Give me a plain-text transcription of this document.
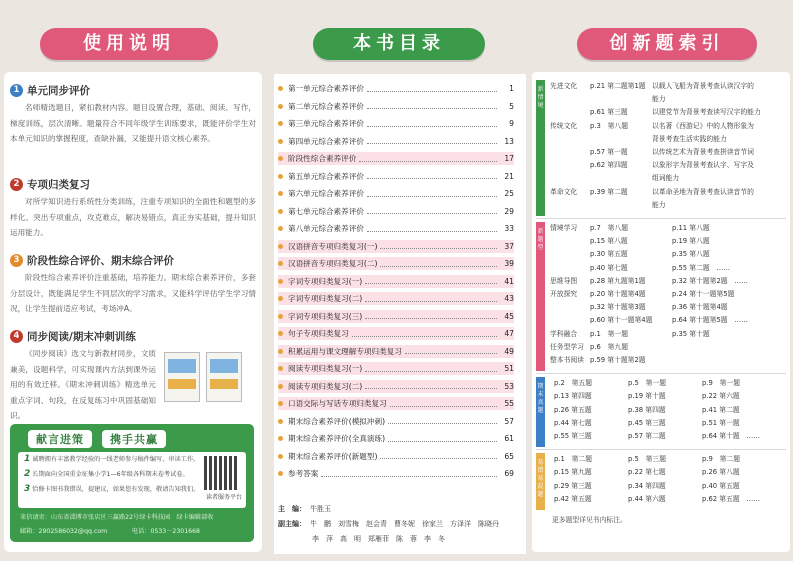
使用说明
1 单元同步评价
名师精选题目，紧扣教材内容。题目设置合理，基础、阅读、写作，梯度训练，层次清晰。题量符合不同年级学生训练要求，既能评价学生对本单元知识的掌握程度，查缺补漏，又能提升语文核心素养。
2 专项归类复习
对所学知识进行系统性分类训练，注重专项知识的全面性和题型的多样化。突出专项重点，攻克难点，解决易错点，真正夯实基础，提升知识运用能力。
3 阶段性综合评价、期末综合评价
阶段性综合素养评价注重基础，培养能力。期末综合素养评价，多套分层设计，既能满足学生不同层次的学习需求，又能科学评估学生学习情况，让学生提前适应考试，考场冲A。
4 同步阅读/期末冲刺训练
《同步阅读》选文与新教材同步，文质兼美，设题科学，可实现课内方法到课外运用的有效迁移。《期末冲刺训练》精选单元重点字词、句段，在反复练习中巩固基础知识。
献言进策	携手共赢
1 诚聘拥有丰富教学经验的一线老师参与稿件编写、审读工作。
2 长期面向全国重金征集小学1—6年级各科期末卷考试卷。
3 恰修卡图书我错误，提建议，如果您有发现，敬请告知我们。
读者服务平台
来信请寄：山东省淄博市张店区三赢路22号绿卡科技园　绿卡编辑部收
邮箱：2902586032@qq.com　　　　	电话：0533－2301668
本书目录
第一单元综合素养评价	1
第二单元综合素养评价	5
第三单元综合素养评价	9
第四单元综合素养评价	13
阶段性综合素养评价	17
第五单元综合素养评价	21
第六单元综合素养评价	25
第七单元综合素养评价	29
第八单元综合素养评价	33
汉语拼音专项归类复习(一)	37
汉语拼音专项归类复习(二)	39
字词专项归类复习(一)	41
字词专项归类复习(二)	43
字词专项归类复习(三)	45
句子专项归类复习	47
积累运用与课文理解专项归类复习	49
阅读专项归类复习(一)	51
阅读专项归类复习(二)	53
口语交际与写话专项归类复习	55
期末综合素养评价(模拟冲刺)	57
期末综合素养评价(全真演练)	61
期末综合素养评价(新题型)	65
参考答案	69
主　编： 牛胜玉
副主编： 牛　鹏　刘雪梅　赵会青　曹冬妮　徐家兰　方泽洋　陈晓丹
李　萍　高　明　郑雁菲　陈　蓉　李　冬
创新题索引
新情境
先进文化 p.21 第二题第1题 以载人飞船为背景考查认读汉字的
能力
p.61 第三题	以建党节为背景考查读写汉字的能力
传统文化 p.3　第八题	以名著《西游记》中的人物形象为
背景考查生活实践的能力
p.57 第一题	以传统艺术为背景考查拼读音节词
p.62 第四题	以象形字为背景考查认字、写字及
组词能力
革命文化 p.39 第二题	以革命圣地为背景考查认读音节的
能力
新题型
情境学习 p.7　第八题	p.11 第八题
p.15 第八题	p.19 第八题
p.30 第五题	p.35 第八题
p.40 第七题	p.55 第二题　……
思维导图 p.28 第九题第1题	p.32 第十题第2题　……
开放探究 p.20 第十题第4题	p.24 第十一题第5题
p.32 第十题第3题	p.36 第十题第4题
p.60 第十一题第4题	p.64 第十题第5题　……
学科融合 p.1　第一题	p.35 第十题
任务型学习 p.6　第九题
整本书阅读 p.59 第十题第2题
期末真题
p.2　第五题	p.5　第一题	p.9　第一题
p.13 第四题	p.19 第十题	p.22 第六题
p.26 第五题	p.38 第四题	p.41 第二题
p.44 第七题	p.45 第三题	p.51 第一题
p.55 第三题	p.57 第二题	p.64 第十题　……
易错易混题
p.1　第二题	p.5　第三题	p.9　第二题
p.15 第九题	p.22 第七题	p.26 第八题
p.29 第三题	p.34 第四题	p.40 第五题
p.42 第五题	p.44 第六题	p.62 第五题　……
更多题型详见书内标注。
